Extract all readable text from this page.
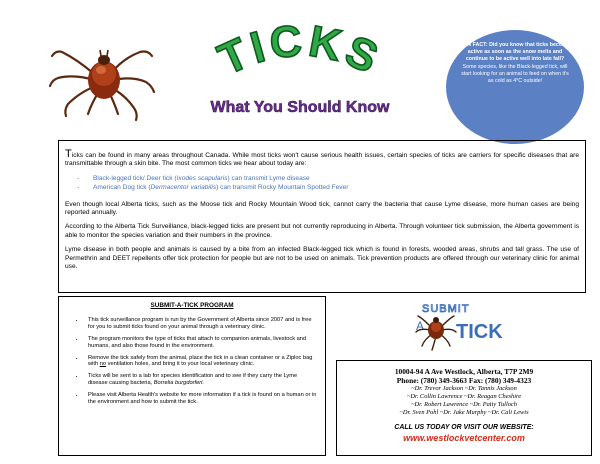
TICKS
What You Should Know
FUN FACT: Did you know that ticks become active as soon as the snow melts and continue to be active well into late fall? Some species, like the Black-legged tick, will start looking for an animal to feed on when it's as cold as 4°C outside!

Ticks can be found in many areas throughout Canada. While most ticks won't cause serious health issues, certain species of ticks are carriers for specific diseases that are transmittable through a skin bite. The most common ticks we hear about today are:

- Black-legged tick/ Deer tick (Ixodes scapularis) can transmit Lyme disease
- American Dog tick (Dermacentor variabilis) can transmit Rocky Mountain Spotted Fever

Even though local Alberta ticks, such as the Moose tick and Rocky Mountain Wood tick, cannot carry the bacteria that cause Lyme disease, more human cases are being reported annually.

According to the Alberta Tick Surveillance, black-legged ticks are present but not currently reproducing in Alberta. Through volunteer tick submission, the Alberta government is able to monitor the species variation and their numbers in the province.

Lyme disease in both people and animals is caused by a bite from an infected Black-legged tick which is found in forests, wooded areas, shrubs and tall grass. The use of Permethrin and DEET repellents offer tick protection for people but are not to be used on animals. Tick prevention products are offered through our veterinary clinic for animal use.

SUBMIT-A-TICK PROGRAM
• This tick surveillance program is run by the Government of Alberta since 2007 and is free for you to submit ticks found on your animal through a veterinary clinic.
• The program monitors the type of ticks that attach to companion animals, livestock and humans, and also those found in the environment.
• Remove the tick safely from the animal, place the tick in a clean container or a Ziploc bag with no ventilation holes, and bring it to your local veterinary clinic.
• Ticks will be sent to a lab for species identification and to see if they carry the Lyme disease causing bacteria, Borrelia burgdorferi.
• Please visit Alberta Health's website for more information if a tick is found on a human or in the environment and how to submit the tick.
SUBMIT
A TICK
10004-94 A Ave Westlock, Alberta, T7P 2M9
Phone: (780) 349-3663 Fax: (780) 349-4323
~Dr. Trevor Jackson ~Dr. Tannis Jackson
~Dr. Collin Lawrence ~Dr. Reagan Cheshire
~Dr. Robert Lawrence ~Dr. Patty Tulloch
~Dr. Sven Pohl ~Dr. Jake Murphy ~Dr. Cali Lewis
CALL US TODAY OR VISIT OUR WEBSITE:
www.westlockvetcenter.com
